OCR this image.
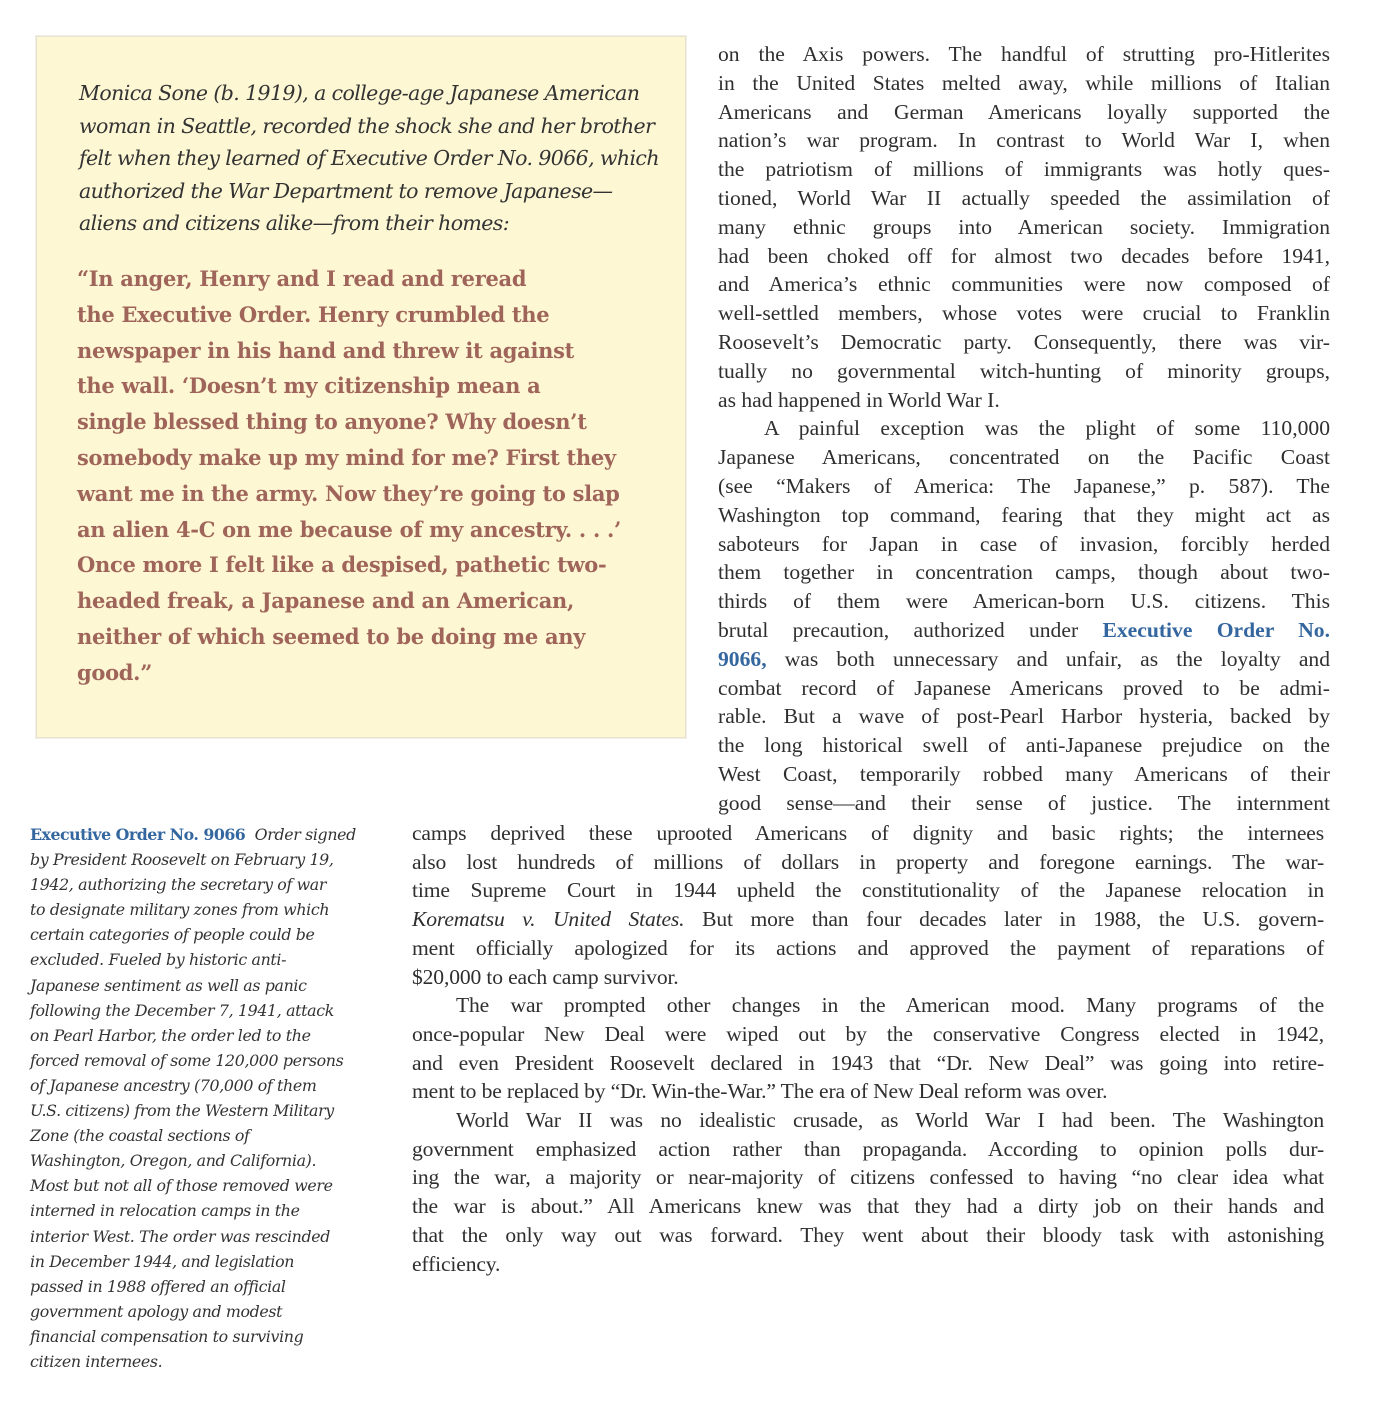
Monica Sone (b. 1919), a college-age Japanese American
woman in Seattle, recorded the shock she and her brother
felt when they learned of Executive Order No. 9066, which
authorized the War Department to remove Japanese—
aliens and citizens alike—from their homes:

“In anger, Henry and I read and reread
the Executive Order. Henry crumbled the
newspaper in his hand and threw it against
the wall. ‘Doesn’t my citizenship mean a
single blessed thing to anyone? Why doesn’t
somebody make up my mind for me? First they
want me in the army. Now they’re going to slap
an alien 4-C on me because of my ancestry. . . .’
Once more I felt like a despised, pathetic two-
headed freak, a Japanese and an American,
neither of which seemed to be doing me any
good.”

on the Axis powers. The handful of strutting pro-Hitlerites
in the United States melted away, while millions of Italian
Americans and German Americans loyally supported the
nation’s war program. In contrast to World War I, when
the patriotism of millions of immigrants was hotly ques-
tioned, World War II actually speeded the assimilation of
many ethnic groups into American society. Immigration
had been choked off for almost two decades before 1941,
and America’s ethnic communities were now composed of
well-settled members, whose votes were crucial to Franklin
Roosevelt’s Democratic party. Consequently, there was vir-
tually no governmental witch-hunting of minority groups,
as had happened in World War I.
A painful exception was the plight of some 110,000
Japanese Americans, concentrated on the Pacific Coast
(see “Makers of America: The Japanese,” p. 587). The
Washington top command, fearing that they might act as
saboteurs for Japan in case of invasion, forcibly herded
them together in concentration camps, though about two-
thirds of them were American-born U.S. citizens. This
brutal precaution, authorized under Executive Order No.
9066, was both unnecessary and unfair, as the loyalty and
combat record of Japanese Americans proved to be admi-
rable. But a wave of post-Pearl Harbor hysteria, backed by
the long historical swell of anti-Japanese prejudice on the
West Coast, temporarily robbed many Americans of their
good sense—and their sense of justice. The internment
camps deprived these uprooted Americans of dignity and basic rights; the internees
also lost hundreds of millions of dollars in property and foregone earnings. The war-
time Supreme Court in 1944 upheld the constitutionality of the Japanese relocation in
Korematsu v. United States. But more than four decades later in 1988, the U.S. govern-
ment officially apologized for its actions and approved the payment of reparations of
$20,000 to each camp survivor.
The war prompted other changes in the American mood. Many programs of the
once-popular New Deal were wiped out by the conservative Congress elected in 1942,
and even President Roosevelt declared in 1943 that “Dr. New Deal” was going into retire-
ment to be replaced by “Dr. Win-the-War.” The era of New Deal reform was over.
World War II was no idealistic crusade, as World War I had been. The Washington
government emphasized action rather than propaganda. According to opinion polls dur-
ing the war, a majority or near-majority of citizens confessed to having “no clear idea what
the war is about.” All Americans knew was that they had a dirty job on their hands and
that the only way out was forward. They went about their bloody task with astonishing
efficiency.
Executive Order No. 9066 Order signed
by President Roosevelt on February 19,
1942, authorizing the secretary of war
to designate military zones from which
certain categories of people could be
excluded. Fueled by historic anti-
Japanese sentiment as well as panic
following the December 7, 1941, attack
on Pearl Harbor, the order led to the
forced removal of some 120,000 persons
of Japanese ancestry (70,000 of them
U.S. citizens) from the Western Military
Zone (the coastal sections of
Washington, Oregon, and California).
Most but not all of those removed were
interned in relocation camps in the
interior West. The order was rescinded
in December 1944, and legislation
passed in 1988 offered an official
government apology and modest
financial compensation to surviving
citizen internees.
